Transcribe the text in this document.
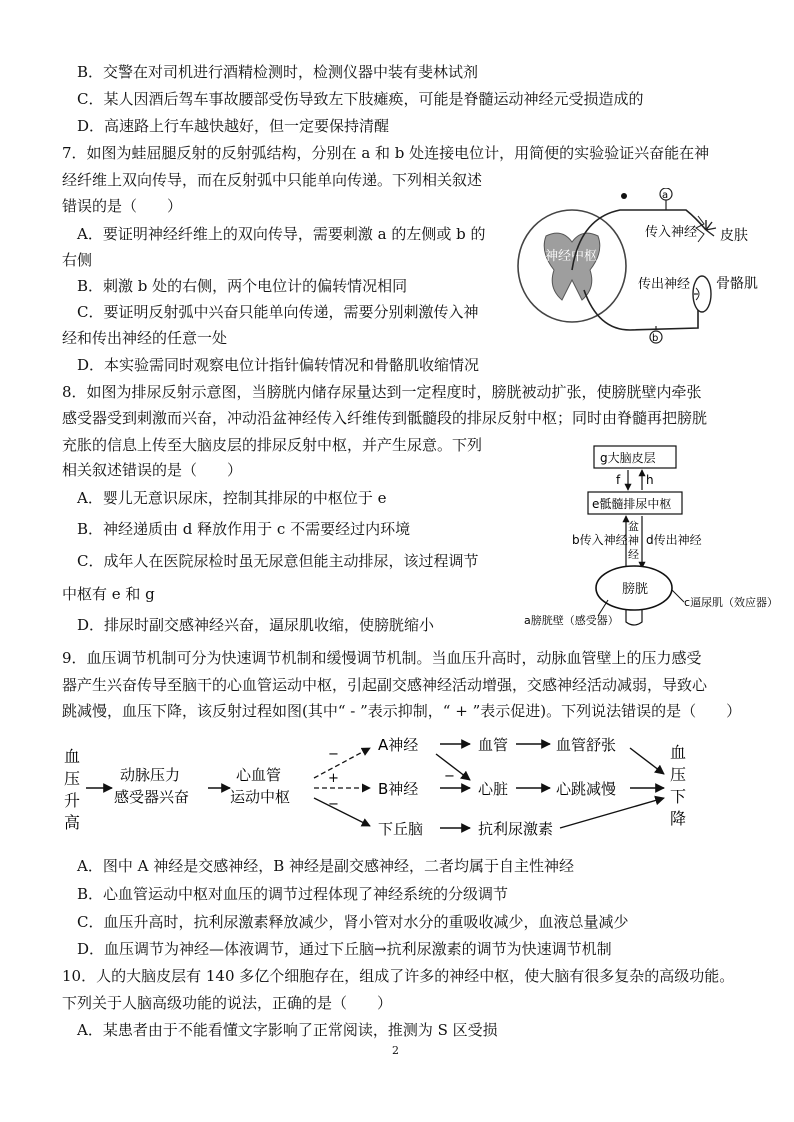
B．交警在对司机进行酒精检测时，检测仪器中装有斐林试剂
C．某人因酒后驾车事故腰部受伤导致左下肢瘫痪，可能是脊髓运动神经元受损造成的
D．高速路上行车越快越好，但一定要保持清醒
7．如图为蛙屈腿反射的反射弧结构，分别在 a 和 b 处连接电位计，用简便的实验验证兴奋能在神
经纤维上双向传导，而在反射弧中只能单向传递。下列相关叙述
错误的是（　　）
A．要证明神经纤维上的双向传导，需要刺激 a 的左侧或 b 的
右侧
B．刺激 b 处的右侧，两个电位计的偏转情况相同
C．要证明反射弧中兴奋只能单向传递，需要分别刺激传入神
经和传出神经的任意一处
D．本实验需同时观察电位计指针偏转情况和骨骼肌收缩情况
8．如图为排尿反射示意图，当膀胱内储存尿量达到一定程度时，膀胱被动扩张，使膀胱壁内牵张
感受器受到刺激而兴奋，冲动沿盆神经传入纤维传到骶髓段的排尿反射中枢；同时由脊髓再把膀胱
充胀的信息上传至大脑皮层的排尿反射中枢，并产生尿意。下列
相关叙述错误的是（　　）
A．婴儿无意识尿床，控制其排尿的中枢位于 e
B．神经递质由 d 释放作用于 c 不需要经过内环境
C．成年人在医院尿检时虽无尿意但能主动排尿，该过程调节
中枢有 e 和 g
D．排尿时副交感神经兴奋，逼尿肌收缩，使膀胱缩小
9．血压调节机制可分为快速调节机制和缓慢调节机制。当血压升高时，动脉血管壁上的压力感受
器产生兴奋传导至脑干的心血管运动中枢，引起副交感神经活动增强，交感神经活动减弱，导致心
跳减慢，血压下降，该反射过程如图(其中“ - ”表示抑制，“ + ”表示促进)。下列说法错误的是（　　）
A．图中 A 神经是交感神经，B 神经是副交感神经，二者均属于自主性神经
B．心血管运动中枢对血压的调节过程体现了神经系统的分级调节
C．血压升高时，抗利尿激素释放减少，肾小管对水分的重吸收减少，血液总量减少
D．血压调节为神经—体液调节，通过下丘脑→抗利尿激素的调节为快速调节机制
10．人的大脑皮层有 140 多亿个细胞存在，组成了许多的神经中枢，使大脑有很多复杂的高级功能。
下列关于人脑高级功能的说法，正确的是（　　）
A．某患者由于不能看懂文字影响了正常阅读，推测为 S 区受损
2
神经中枢
a
b
传入神经 皮肤
传出神经 骨骼肌
g大脑皮层
f h
e骶髓排尿中枢
盆 神 经
b传入神经 d传出神经
膀胱
a膀胱壁（感受器）
c逼尿肌（效应器）
血 压 升 高
动脉压力
感受器兴奋
心血管
运动中枢
−
+
−
A神经
B神经
下丘脑
−
血管
心脏
抗利尿激素
血管舒张
心跳减慢
血 压 下 降
